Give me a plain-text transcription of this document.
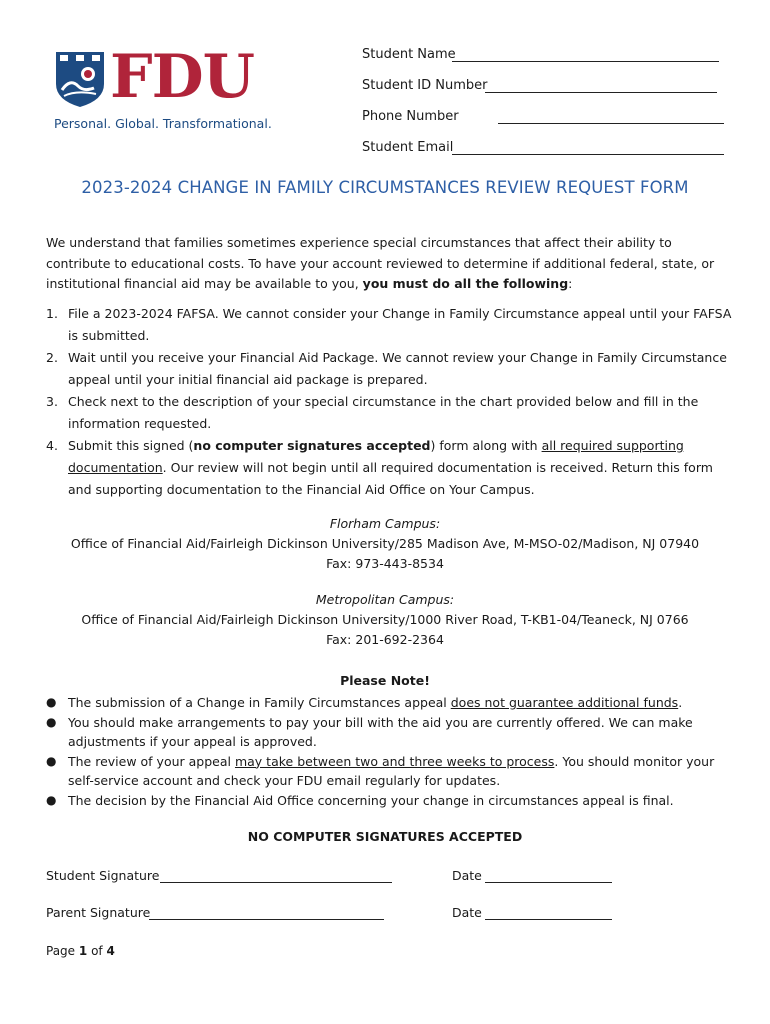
FDU
Personal. Global. Transformational.
Student Name
Student ID Number
Phone Number
Student Email
2023-2024 CHANGE IN FAMILY CIRCUMSTANCES REVIEW REQUEST FORM
We understand that families sometimes experience special circumstances that affect their ability to contribute to educational costs. To have your account reviewed to determine if additional federal, state, or institutional financial aid may be available to you, you must do all the following:
1. File a 2023-2024 FAFSA. We cannot consider your Change in Family Circumstance appeal until your FAFSA is submitted.
2. Wait until you receive your Financial Aid Package. We cannot review your Change in Family Circumstance appeal until your initial financial aid package is prepared.
3. Check next to the description of your special circumstance in the chart provided below and fill in the information requested.
4. Submit this signed (no computer signatures accepted) form along with all required supporting documentation. Our review will not begin until all required documentation is received. Return this form and supporting documentation to the Financial Aid Office on Your Campus.
Florham Campus:
Office of Financial Aid/Fairleigh Dickinson University/285 Madison Ave, M-MSO-02/Madison, NJ 07940
Fax: 973-443-8534
Metropolitan Campus:
Office of Financial Aid/Fairleigh Dickinson University/1000 River Road, T-KB1-04/Teaneck, NJ 0766
Fax: 201-692-2364
Please Note!
● The submission of a Change in Family Circumstances appeal does not guarantee additional funds.
● You should make arrangements to pay your bill with the aid you are currently offered. We can make adjustments if your appeal is approved.
● The review of your appeal may take between two and three weeks to process. You should monitor your self-service account and check your FDU email regularly for updates.
● The decision by the Financial Aid Office concerning your change in circumstances appeal is final.
NO COMPUTER SIGNATURES ACCEPTED
Student Signature	Date
Parent Signature	Date
Page 1 of 4
